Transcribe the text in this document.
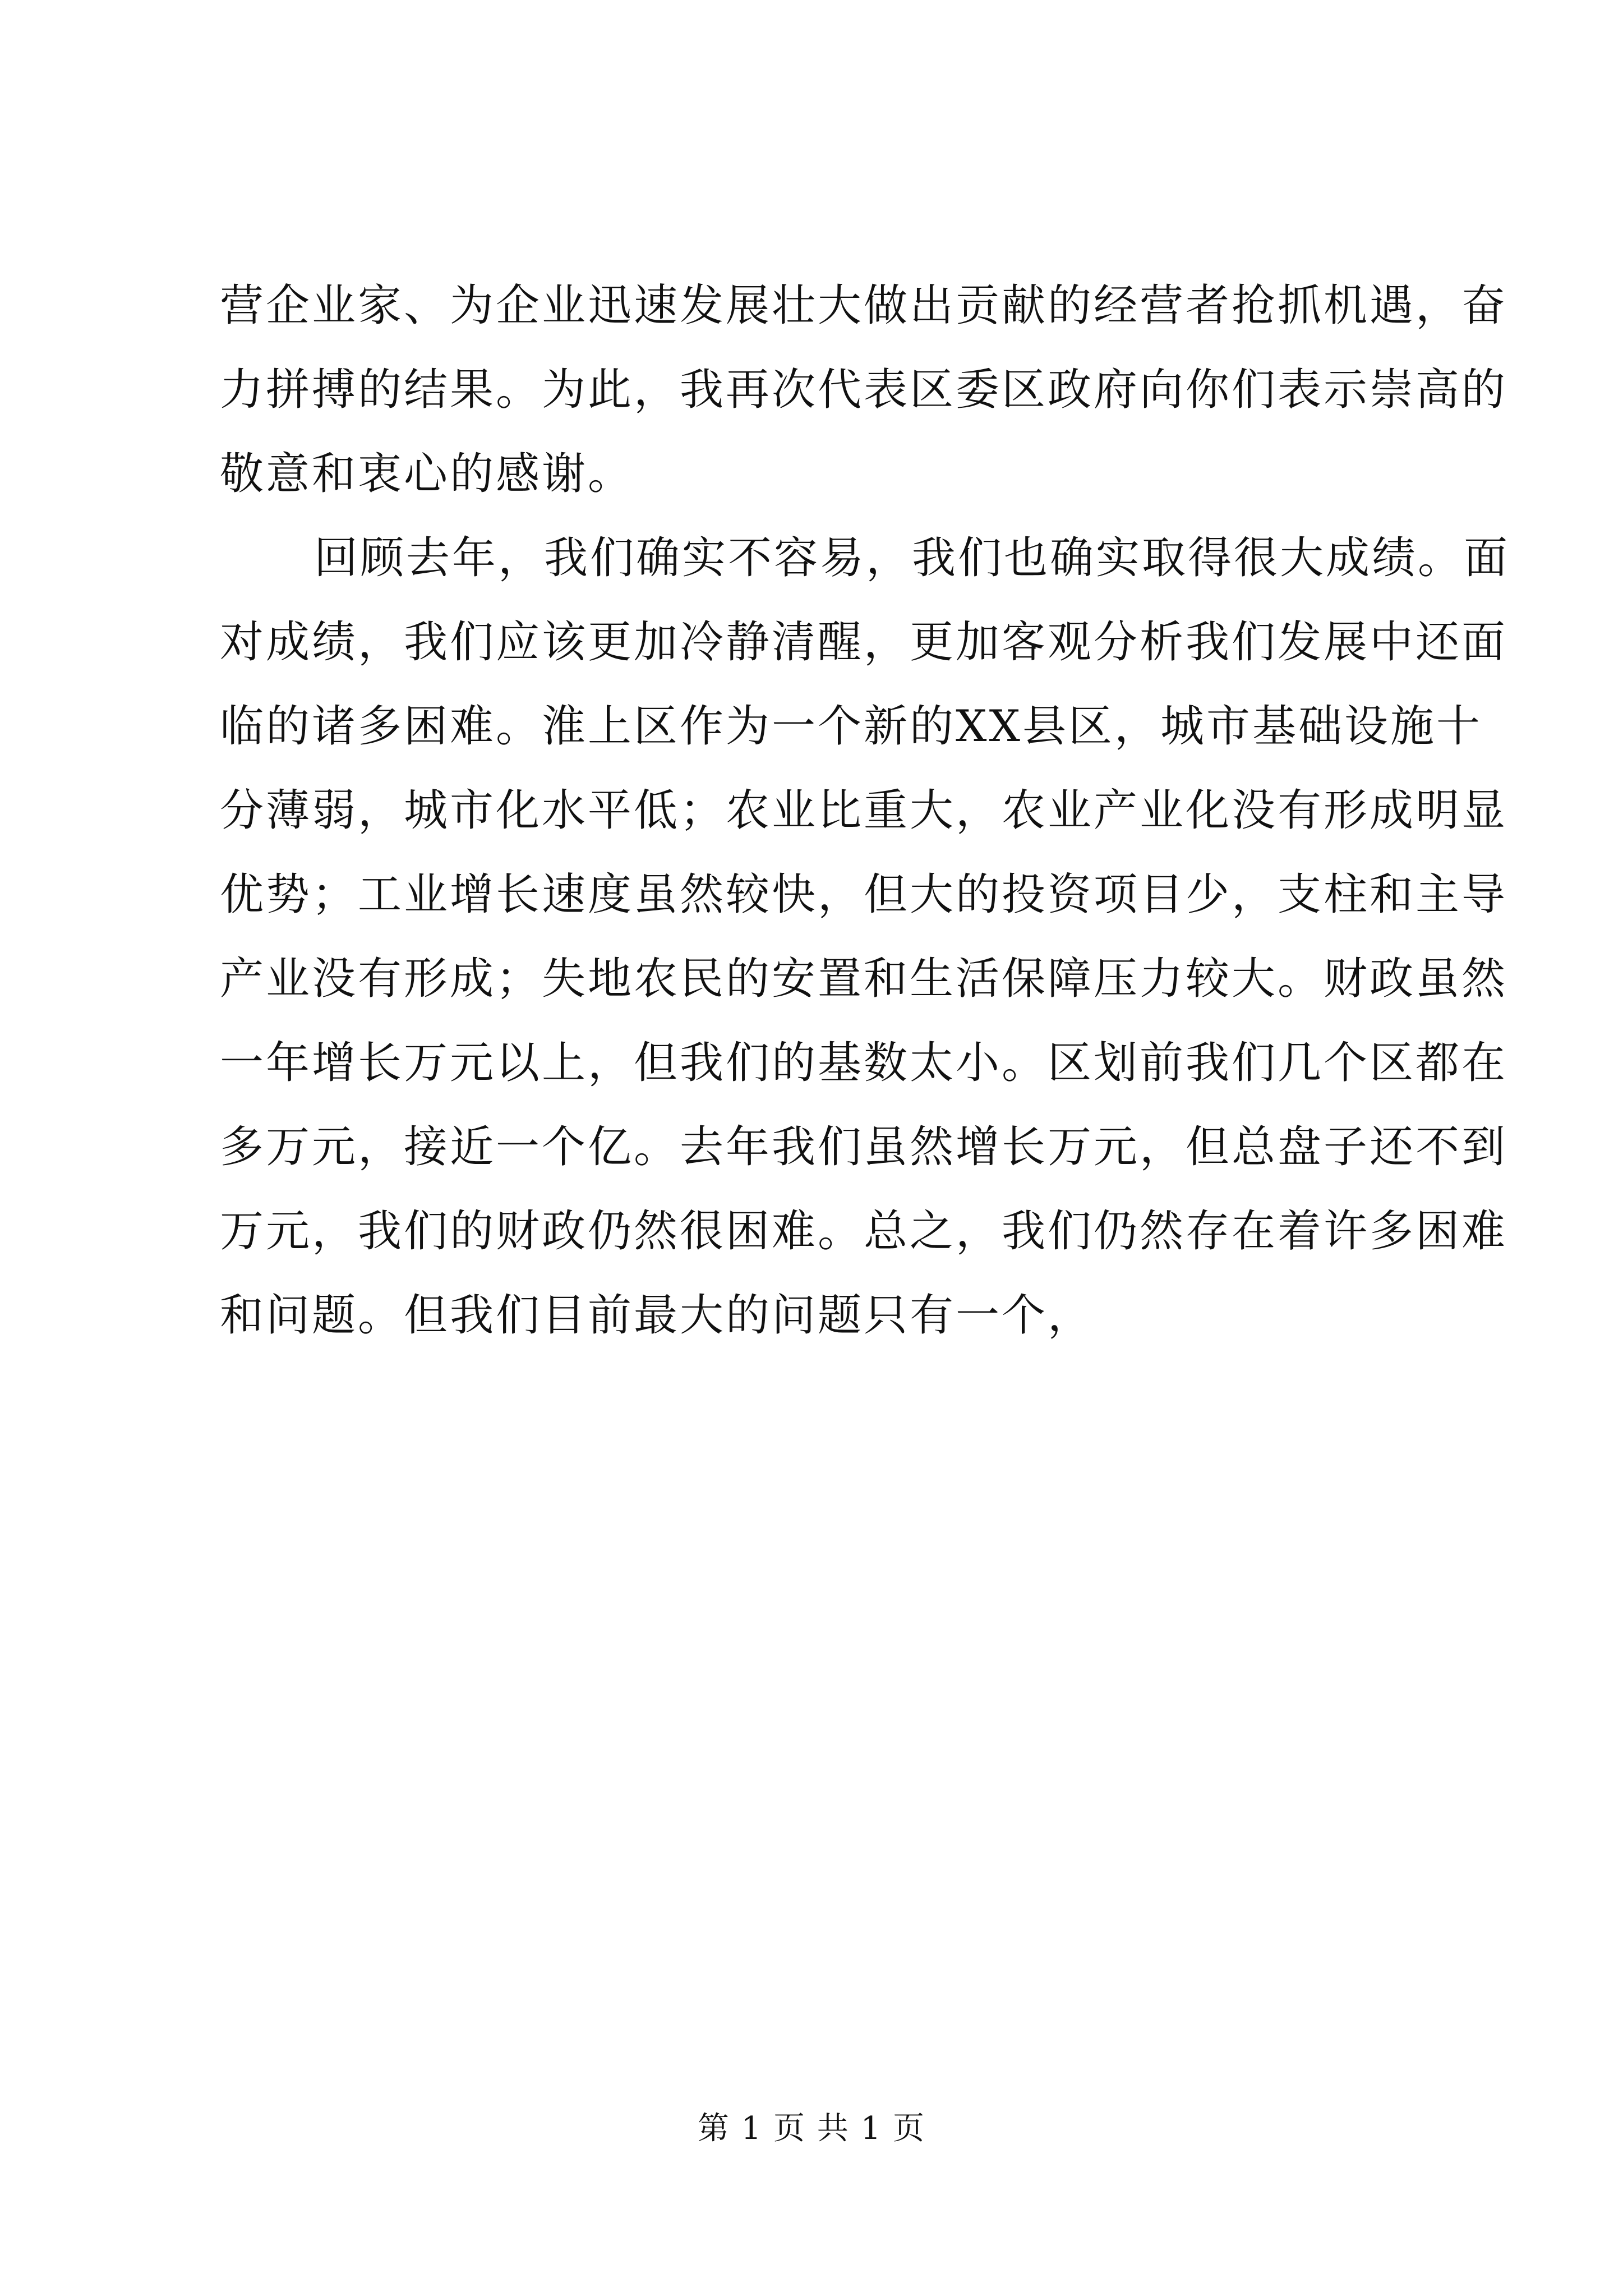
营企业家、为企业迅速发展壮大做出贡献的经营者抢抓机遇，奋
力拼搏的结果。为此，我再次代表区委区政府向你们表示崇高的
敬意和衷心的感谢。
回顾去年，我们确实不容易，我们也确实取得很大成绩。面
对成绩，我们应该更加冷静清醒，更加客观分析我们发展中还面
临的诸多困难。淮上区作为一个新的XX县区，城市基础设施十
分薄弱，城市化水平低；农业比重大，农业产业化没有形成明显
优势；工业增长速度虽然较快，但大的投资项目少，支柱和主导
产业没有形成；失地农民的安置和生活保障压力较大。财政虽然
一年增长万元以上，但我们的基数太小。区划前我们几个区都在
多万元，接近一个亿。去年我们虽然增长万元，但总盘子还不到
万元，我们的财政仍然很困难。总之，我们仍然存在着许多困难
和问题。但我们目前最大的问题只有一个，
第 1 页 共 1 页
